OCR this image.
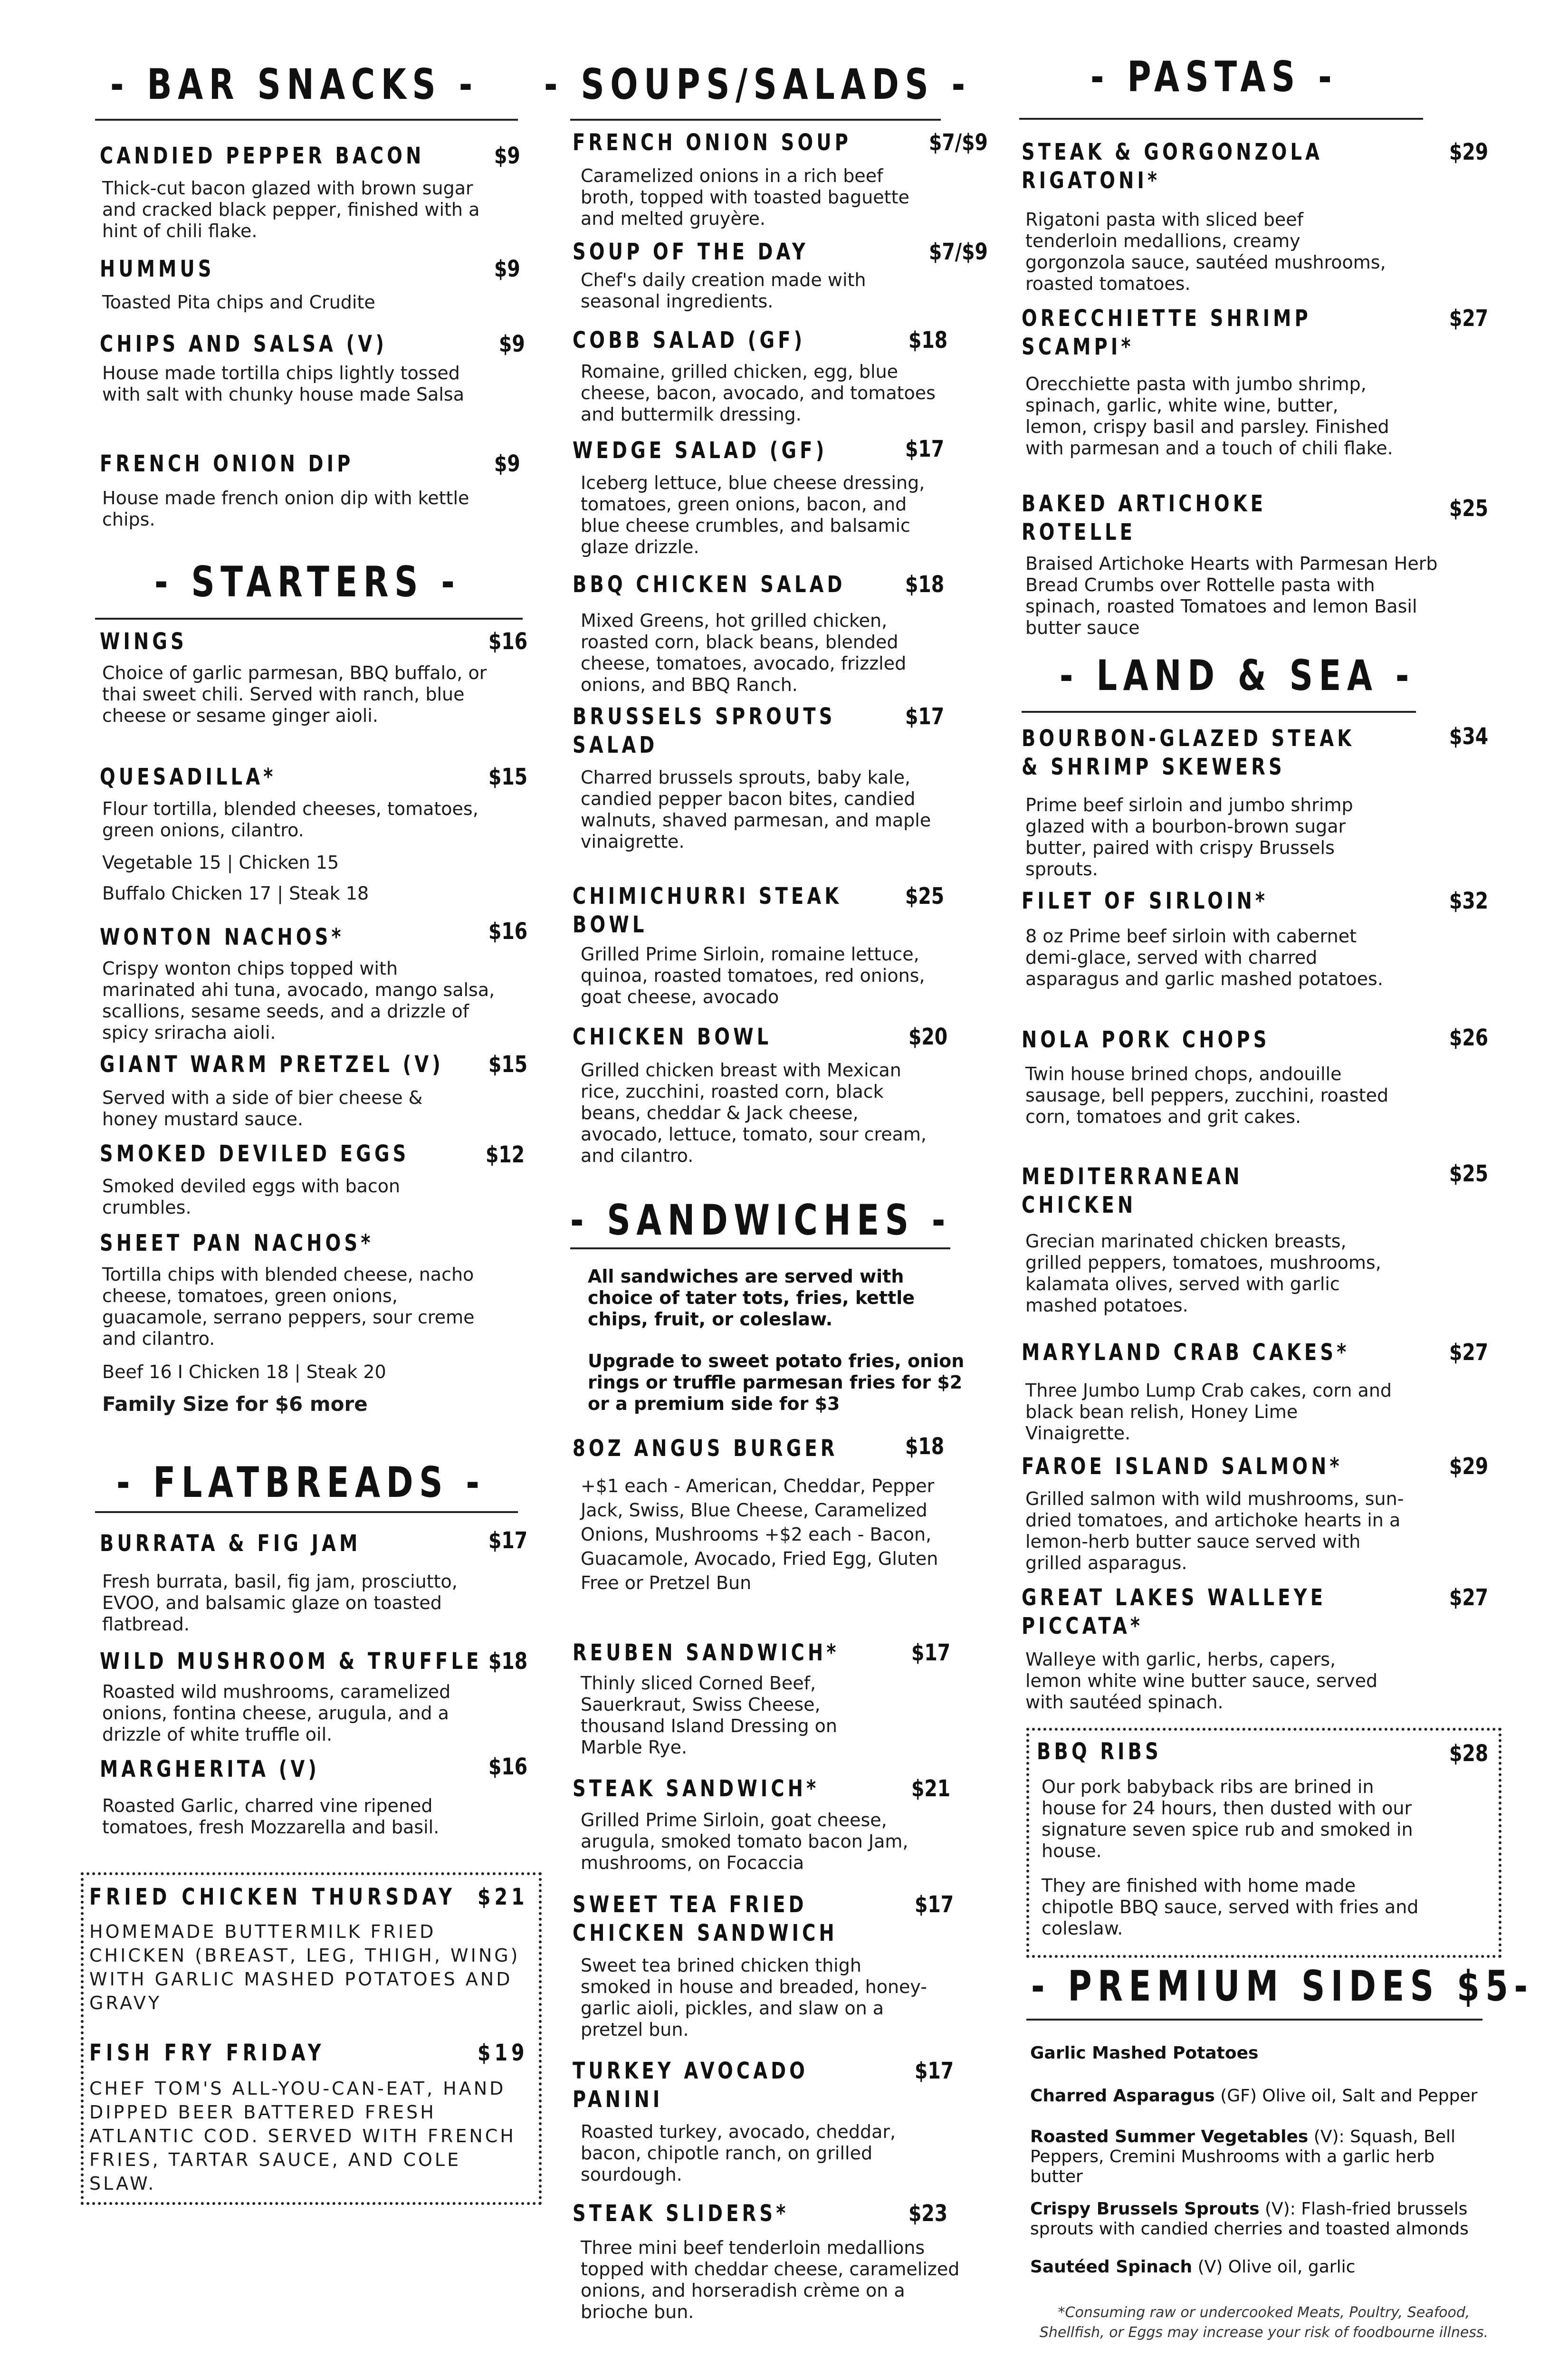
- BAR SNACKS - - SOUPS/SALADS -	- PASTAS -
- STARTERS -
- FLATBREADS -
- SANDWICHES -
- LAND & SEA -
- PREMIUM SIDES $5-
CANDIED PEPPER BACON	$9
Thick-cut bacon glazed with brown sugar and cracked black pepper, finished with a hint of chili flake.
HUMMUS	$9
Toasted Pita chips and Crudite
CHIPS AND SALSA (V)	$9
House made tortilla chips lightly tossed with salt with chunky house made Salsa
FRENCH ONION DIP	$9
House made french onion dip with kettle chips.
WINGS	$16
Choice of garlic parmesan, BBQ buffalo, or thai sweet chili. Served with ranch, blue cheese or sesame ginger aioli.
QUESADILLA*	$15
Flour tortilla, blended cheeses, tomatoes, green onions, cilantro.
Vegetable 15 | Chicken 15
Buffalo Chicken 17 | Steak 18
WONTON NACHOS*	$16
Crispy wonton chips topped with marinated ahi tuna, avocado, mango salsa, scallions, sesame seeds, and a drizzle of spicy sriracha aioli.
GIANT WARM PRETZEL (V) $15
Served with a side of bier cheese & honey mustard sauce.
SMOKED DEVILED EGGS	$12
Smoked deviled eggs with bacon crumbles.
SHEET PAN NACHOS*
Tortilla chips with blended cheese, nacho cheese, tomatoes, green onions, guacamole, serrano peppers, sour creme and cilantro.
Beef 16 I Chicken 18 | Steak 20
Family Size for $6 more
BURRATA & FIG JAM	$17
Fresh burrata, basil, fig jam, prosciutto, EVOO, and balsamic glaze on toasted flatbread.
WILD MUSHROOM & TRUFFLE $18
Roasted wild mushrooms, caramelized onions, fontina cheese, arugula, and a drizzle of white truffle oil.
MARGHERITA (V)	$16
Roasted Garlic, charred vine ripened tomatoes, fresh Mozzarella and basil.
FRIED CHICKEN THURSDAY $21
HOMEMADE BUTTERMILK FRIED CHICKEN (BREAST, LEG, THIGH, WING) WITH GARLIC MASHED POTATOES AND GRAVY
FISH FRY FRIDAY	$19
CHEF TOM'S ALL-YOU-CAN-EAT, HAND DIPPED BEER BATTERED FRESH ATLANTIC COD. SERVED WITH FRENCH FRIES, TARTAR SAUCE, AND COLE SLAW.
FRENCH ONION SOUP	$7/$9
Caramelized onions in a rich beef broth, topped with toasted baguette and melted gruyère.
SOUP OF THE DAY	$7/$9
Chef's daily creation made with seasonal ingredients.
COBB SALAD (GF)	$18
Romaine, grilled chicken, egg, blue cheese, bacon, avocado, and tomatoes and buttermilk dressing.
WEDGE SALAD (GF)	$17
Iceberg lettuce, blue cheese dressing, tomatoes, green onions, bacon, and blue cheese crumbles, and balsamic glaze drizzle.
BBQ CHICKEN SALAD	$18
Mixed Greens, hot grilled chicken, roasted corn, black beans, blended cheese, tomatoes, avocado, frizzled onions, and BBQ Ranch.
BRUSSELS SPROUTS
SALAD
$17
Charred brussels sprouts, baby kale, candied pepper bacon bites, candied walnuts, shaved parmesan, and maple vinaigrette.
CHIMICHURRI STEAK
BOWL
$25
Grilled Prime Sirloin, romaine lettuce, quinoa, roasted tomatoes, red onions, goat cheese, avocado
CHICKEN BOWL	$20
Grilled chicken breast with Mexican rice, zucchini, roasted corn, black beans, cheddar & Jack cheese, avocado, lettuce, tomato, sour cream, and cilantro.
All sandwiches are served with choice of tater tots, fries, kettle chips, fruit, or coleslaw.
Upgrade to sweet potato fries, onion rings or truffle parmesan fries for $2 or a premium side for $3
8OZ ANGUS BURGER	$18
+$1 each - American, Cheddar, Pepper Jack, Swiss, Blue Cheese, Caramelized Onions, Mushrooms +$2 each - Bacon, Guacamole, Avocado, Fried Egg, Gluten Free or Pretzel Bun
REUBEN SANDWICH*	$17
Thinly sliced Corned Beef, Sauerkraut, Swiss Cheese, thousand Island Dressing on Marble Rye.
STEAK SANDWICH*	$21
Grilled Prime Sirloin, goat cheese, arugula, smoked tomato bacon Jam, mushrooms, on Focaccia
SWEET TEA FRIED
CHICKEN SANDWICH
$17
Sweet tea brined chicken thigh smoked in house and breaded, honey-garlic aioli, pickles, and slaw on a pretzel bun.
TURKEY AVOCADO
PANINI
$17
Roasted turkey, avocado, cheddar, bacon, chipotle ranch, on grilled sourdough.
STEAK SLIDERS*	$23
Three mini beef tenderloin medallions topped with cheddar cheese, caramelized onions, and horseradish crème on a brioche bun.
STEAK & GORGONZOLA
RIGATONI*
$29
Rigatoni pasta with sliced beef tenderloin medallions, creamy gorgonzola sauce, sautéed mushrooms, roasted tomatoes.
ORECCHIETTE SHRIMP
SCAMPI*
$27
Orecchiette pasta with jumbo shrimp, spinach, garlic, white wine, butter, lemon, crispy basil and parsley. Finished with parmesan and a touch of chili flake.
BAKED ARTICHOKE
ROTELLE
$25
Braised Artichoke Hearts with Parmesan Herb Bread Crumbs over Rottelle pasta with spinach, roasted Tomatoes and lemon Basil butter sauce
BOURBON-GLAZED STEAK
& SHRIMP SKEWERS
$34
Prime beef sirloin and jumbo shrimp glazed with a bourbon-brown sugar butter, paired with crispy Brussels sprouts.
FILET OF SIRLOIN*	$32
8 oz Prime beef sirloin with cabernet demi-glace, served with charred asparagus and garlic mashed potatoes.
NOLA PORK CHOPS	$26
Twin house brined chops, andouille sausage, bell peppers, zucchini, roasted corn, tomatoes and grit cakes.
MEDITERRANEAN
CHICKEN
$25
Grecian marinated chicken breasts, grilled peppers, tomatoes, mushrooms, kalamata olives, served with garlic mashed potatoes.
MARYLAND CRAB CAKES*	$27
Three Jumbo Lump Crab cakes, corn and black bean relish, Honey Lime Vinaigrette.
FAROE ISLAND SALMON*	$29
Grilled salmon with wild mushrooms, sun-dried tomatoes, and artichoke hearts in a lemon-herb butter sauce served with grilled asparagus.
GREAT LAKES WALLEYE
PICCATA*
$27
Walleye with garlic, herbs, capers, lemon white wine butter sauce, served with sautéed spinach.
BBQ RIBS	$28
Our pork babyback ribs are brined in house for 24 hours, then dusted with our signature seven spice rub and smoked in house.
They are finished with home made chipotle BBQ sauce, served with fries and coleslaw.
Garlic Mashed Potatoes
Charred Asparagus (GF) Olive oil, Salt and Pepper
Roasted Summer Vegetables (V): Squash, Bell Peppers, Cremini Mushrooms with a garlic herb butter
Crispy Brussels Sprouts (V): Flash-fried brussels sprouts with candied cherries and toasted almonds
Sautéed Spinach (V) Olive oil, garlic
*Consuming raw or undercooked Meats, Poultry, Seafood, Shellfish, or Eggs may increase your risk of foodbourne illness.
